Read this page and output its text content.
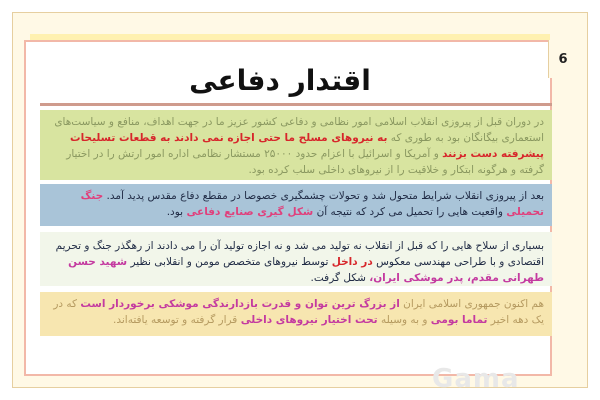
6
اقتدار دفاعی
در دوران قبل از پیروزی انقلاب اسلامی امور نظامی و دفاعی کشور عزیز ما در جهت اهداف، منافع و سیاست‌های استعماری بیگانگان بود به طوری که به نیروهای مسلح ما حتی اجازه نمی دادند به قطعات تسلیحات پیشرفته دست بزنند و آمریکا و اسرائیل با اعزام حدود ۲۵۰۰۰ مستشار نظامی اداره امور ارتش را در اختیار گرفته و هرگونه ابتکار و خلاقیت را از نیروهای داخلی سلب کرده بود.
بعد از پیروزی انقلاب شرایط متحول شد و تحولات چشمگیری خصوصا در مقطع دفاع مقدس پدید آمد. جنگ تحمیلی واقعیت هایی را تحمیل می کرد که نتیجه آن شکل گیری صنایع دفاعی بود.
بسیاری از سلاح هایی را که قبل از انقلاب نه تولید می شد و نه اجازه تولید آن را می دادند از رهگذر جنگ و تحریم اقتصادی و با طراحی مهندسی معکوس در داخل توسط نیروهای متخصص مومن و انقلابی نظیر شهید حسن طهرانی مقدم، پدر موشکی ایران، شکل گرفت.
هم اکنون جمهوری اسلامی ایران از بزرگ ترین توان و قدرت بازدارندگی موشکی برخوردار است که در یک دهه اخیر تماما بومی و به وسیله تحت اختیار نیروهای داخلی قرار گرفته و توسعه یافته‌اند.
Gama
